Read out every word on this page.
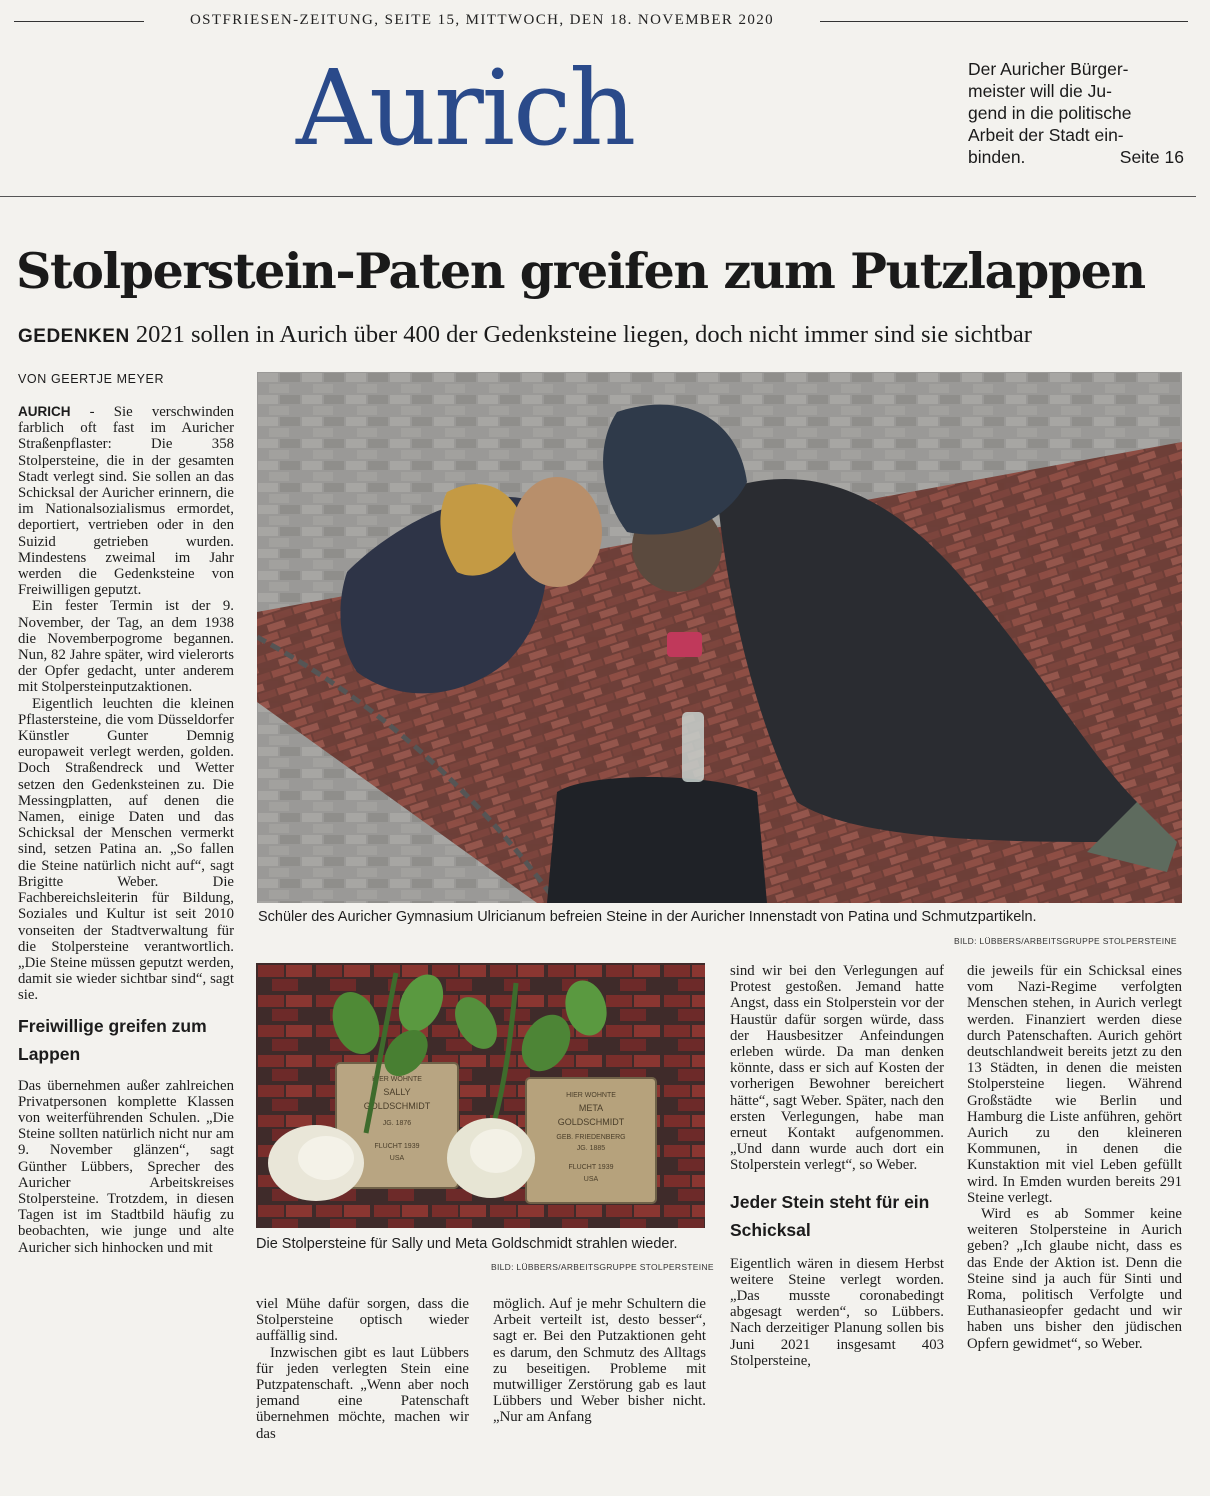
OSTFRIESEN-ZEITUNG, SEITE 15, MITTWOCH, DEN 18. NOVEMBER 2020
Aurich	Der Auricher Bürger-
meister will die Ju-
gend in die politische
Arbeit der Stadt ein-
binden.	Seite 16
Stolperstein-Paten greifen zum Putzlappen
GEDENKEN 2021 sollen in Aurich über 400 der Gedenksteine liegen, doch nicht immer sind sie sichtbar
VON GEERTJE MEYER

AURICH - Sie verschwinden farblich oft fast im Auricher Straßenpflaster: Die 358 Stolpersteine, die in der gesamten Stadt verlegt sind. Sie sollen an das Schicksal der Auricher erinnern, die im Nationalsozialismus ermordet, deportiert, vertrieben oder in den Suizid getrieben wurden. Mindestens zweimal im Jahr werden die Gedenksteine von Freiwilligen geputzt.

Ein fester Termin ist der 9. November, der Tag, an dem 1938 die Novemberpogrome begannen. Nun, 82 Jahre später, wird vielerorts der Opfer gedacht, unter anderem mit Stolpersteinputzaktionen.

Eigentlich leuchten die kleinen Pflastersteine, die vom Düsseldorfer Künstler Gunter Demnig europaweit verlegt werden, golden. Doch Straßendreck und Wetter setzen den Gedenksteinen zu. Die Messingplatten, auf denen die Namen, einige Daten und das Schicksal der Menschen vermerkt sind, setzen Patina an. „So fallen die Steine natürlich nicht auf“, sagt Brigitte Weber. Die Fachbereichsleiterin für Bildung, Soziales und Kultur ist seit 2010 vonseiten der Stadtverwaltung für die Stolpersteine verantwortlich. „Die Steine müssen geputzt werden, damit sie wieder sichtbar sind“, sagt sie.

Freiwillige greifen zum Lappen

Das übernehmen außer zahlreichen Privatpersonen komplette Klassen von weiterführenden Schulen. „Die Steine sollten natürlich nicht nur am 9. November glänzen“, sagt Günther Lübbers, Sprecher des Auricher Arbeitskreises Stolpersteine. Trotzdem, in diesen Tagen ist im Stadtbild häufig zu beobachten, wie junge und alte Auricher sich hinhocken und mit

Schüler des Auricher Gymnasium Ulricianum befreien Steine in der Auricher Innenstadt von Patina und Schmutzpartikeln.
BILD: LÜBBERS/ARBEITSGRUPPE STOLPERSTEINE
HIER WOHNTE
SALLY
GOLDSCHMIDT
JG. 1876
FLUCHT 1939
USA
HIER WOHNTE
META
GOLDSCHMIDT
GEB. FRIEDENBERG
JG. 1885
FLUCHT 1939
USA
Die Stolpersteine für Sally und Meta Goldschmidt strahlen wieder.
BILD: LÜBBERS/ARBEITSGRUPPE STOLPERSTEINE

viel Mühe dafür sorgen, dass die Stolpersteine optisch wieder auffällig sind.

Inzwischen gibt es laut Lübbers für jeden verlegten Stein eine Putzpatenschaft. „Wenn aber noch jemand eine Patenschaft übernehmen möchte, machen wir das

möglich. Auf je mehr Schultern die Arbeit verteilt ist, desto besser“, sagt er. Bei den Putzaktionen geht es darum, den Schmutz des Alltags zu beseitigen. Probleme mit mutwilliger Zerstörung gab es laut Lübbers und Weber bisher nicht. „Nur am Anfang

sind wir bei den Verlegungen auf Protest gestoßen. Jemand hatte Angst, dass ein Stolperstein vor der Haustür dafür sorgen würde, dass der Hausbesitzer Anfeindungen erleben würde. Da man denken könnte, dass er sich auf Kosten der vorherigen Bewohner bereichert hätte“, sagt Weber. Später, nach den ersten Verlegungen, habe man erneut Kontakt aufgenommen. „Und dann wurde auch dort ein Stolperstein verlegt“, so Weber.

Jeder Stein steht für ein Schicksal

Eigentlich wären in diesem Herbst weitere Steine verlegt worden. „Das musste coronabedingt abgesagt werden“, so Lübbers. Nach derzeitiger Planung sollen bis Juni 2021 insgesamt 403 Stolpersteine,

die jeweils für ein Schicksal eines vom Nazi-Regime verfolgten Menschen stehen, in Aurich verlegt werden. Finanziert werden diese durch Patenschaften. Aurich gehört deutschlandweit bereits jetzt zu den 13 Städten, in denen die meisten Stolpersteine liegen. Während Großstädte wie Berlin und Hamburg die Liste anführen, gehört Aurich zu den kleineren Kommunen, in denen die Kunstaktion mit viel Leben gefüllt wird. In Emden wurden bereits 291 Steine verlegt.

Wird es ab Sommer keine weiteren Stolpersteine in Aurich geben? „Ich glaube nicht, dass es das Ende der Aktion ist. Denn die Steine sind ja auch für Sinti und Roma, politisch Verfolgte und Euthanasieopfer gedacht und wir haben uns bisher den jüdischen Opfern gewidmet“, so Weber.
